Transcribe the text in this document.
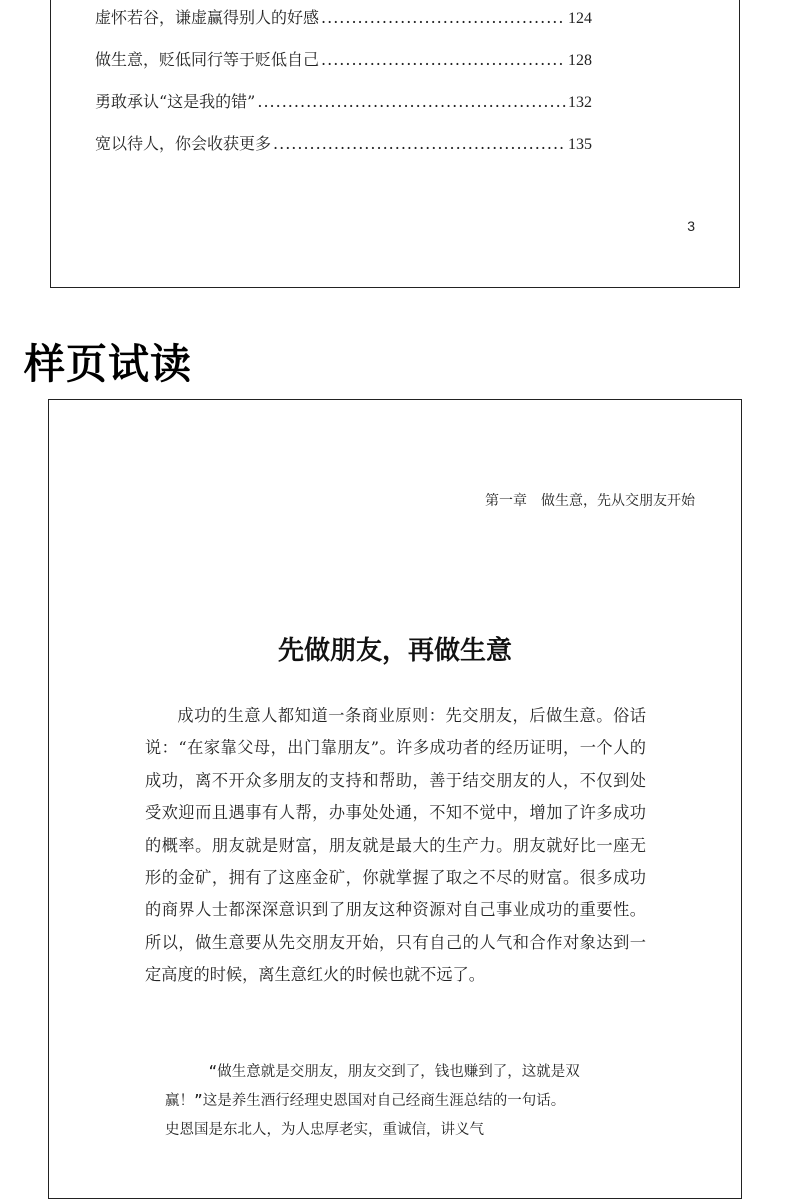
虚怀若谷，谦虚赢得别人的好感 .....	124
做生意，贬低同行等于贬低自己 .....	128
勇敢承认“这是我的错” .....	132
宽以待人，你会收获更多 .....	135
3
样页试读
第一章　做生意，先从交朋友开始
先做朋友，再做生意

成功的生意人都知道一条商业原则：先交朋友，后做生意。俗话说：“在家靠父母，出门靠朋友”。许多成功者的经历证明，一个人的成功，离不开众多朋友的支持和帮助，善于结交朋友的人，不仅到处受欢迎而且遇事有人帮，办事处处通，不知不觉中，增加了许多成功的概率。朋友就是财富，朋友就是最大的生产力。朋友就好比一座无形的金矿，拥有了这座金矿，你就掌握了取之不尽的财富。很多成功的商界人士都深深意识到了朋友这种资源对自己事业成功的重要性。所以，做生意要从先交朋友开始，只有自己的人气和合作对象达到一定高度的时候，离生意红火的时候也就不远了。

“做生意就是交朋友，朋友交到了，钱也赚到了，这就是双赢！”这是养生酒行经理史恩国对自己经商生涯总结的一句话。
史恩国是东北人，为人忠厚老实，重诚信，讲义气
